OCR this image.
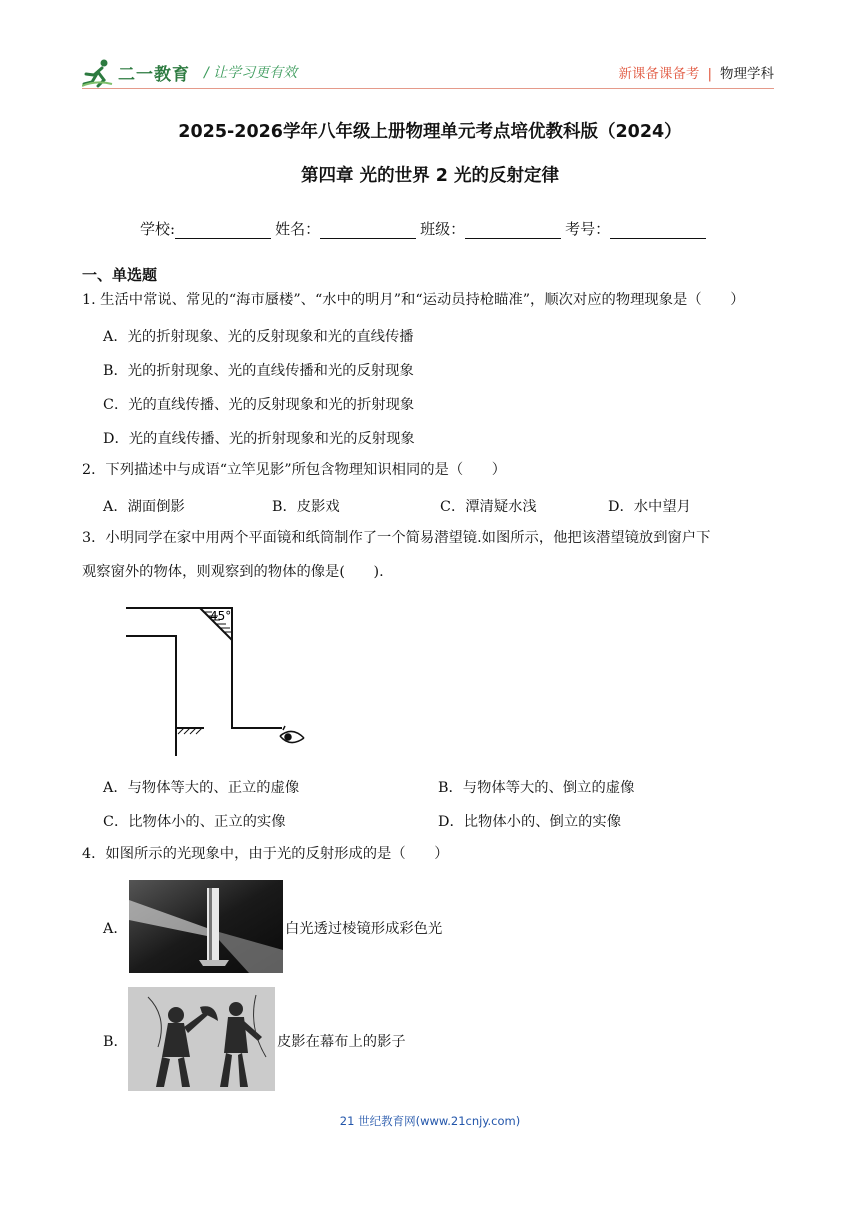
二一教育 / 让学习更有效	新课备课备考 | 物理学科
2025-2026学年八年级上册物理单元考点培优教科版（2024）
第四章 光的世界 2 光的反射定律
学校:	姓名：	班级：	考号：
一、单选题
1. 生活中常说、常见的“海市蜃楼”、“水中的明月”和“运动员持枪瞄准”，顺次对应的物理现象是（　　）
A．光的折射现象、光的反射现象和光的直线传播
B．光的折射现象、光的直线传播和光的反射现象
C．光的直线传播、光的反射现象和光的折射现象
D．光的直线传播、光的折射现象和光的反射现象
2．下列描述中与成语“立竿见影”所包含物理知识相同的是（　　）
A．湖面倒影	B．皮影戏	C．潭清疑水浅	D．水中望月
3．小明同学在家中用两个平面镜和纸筒制作了一个简易潜望镜.如图所示，他把该潜望镜放到窗户下
观察窗外的物体，则观察到的物体的像是(　　).
45°
A．与物体等大的、正立的虚像	B．与物体等大的、倒立的虚像
C．比物体小的、正立的实像	D．比物体小的、倒立的实像
4．如图所示的光现象中，由于光的反射形成的是（　　）
A．	白光透过棱镜形成彩色光
B．	皮影在幕布上的影子
21 世纪教育网(www.21cnjy.com)
